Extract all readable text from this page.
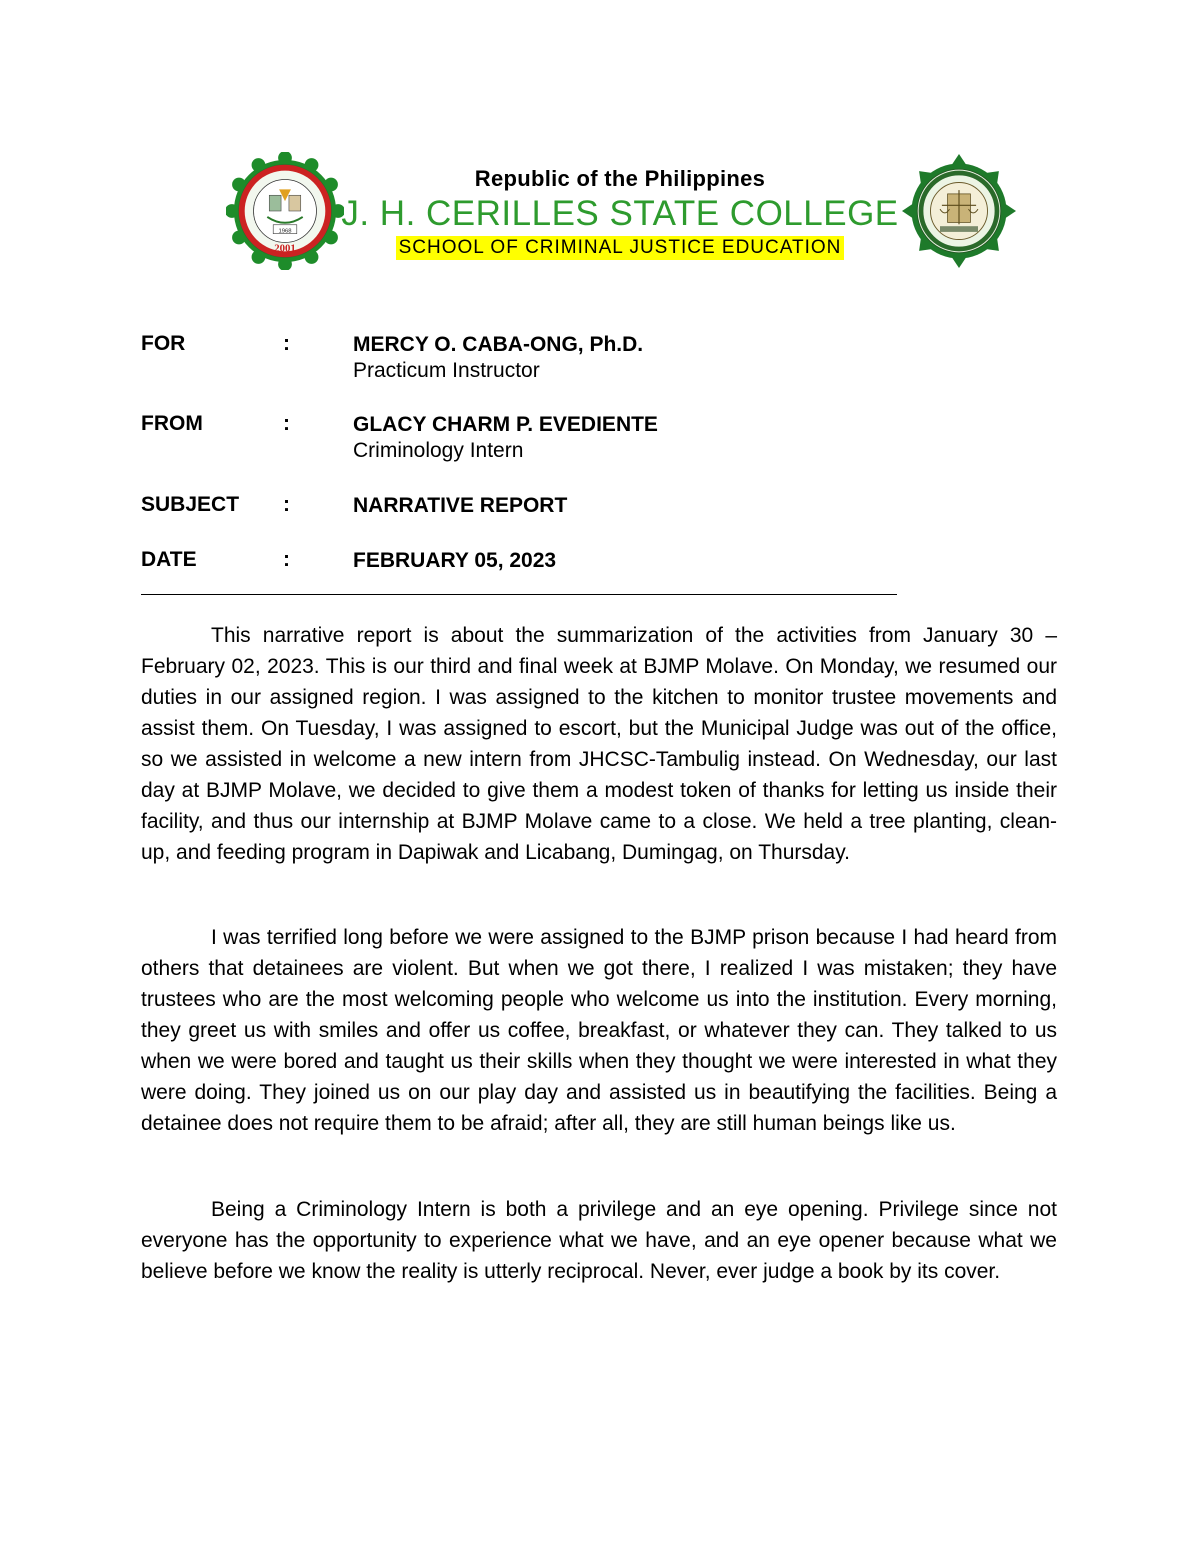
1968
2001
Republic of the Philippines
J. H. CERILLES STATE COLLEGE
SCHOOL OF CRIMINAL JUSTICE EDUCATION
FOR	:	MERCY O. CABA-ONG, Ph.D.
Practicum Instructor
FROM	:	GLACY CHARM P. EVEDIENTE
Criminology Intern
SUBJECT :	NARRATIVE REPORT
DATE	:	FEBRUARY 05, 2023

This narrative report is about the summarization of the activities from January 30 – February 02, 2023. This is our third and final week at BJMP Molave. On Monday, we resumed our duties in our assigned region. I was assigned to the kitchen to monitor trustee movements and assist them. On Tuesday, I was assigned to escort, but the Municipal Judge was out of the office, so we assisted in welcome a new intern from JHCSC-Tambulig instead. On Wednesday, our last day at BJMP Molave, we decided to give them a modest token of thanks for letting us inside their facility, and thus our internship at BJMP Molave came to a close. We held a tree planting, clean-up, and feeding program in Dapiwak and Licabang, Dumingag, on Thursday.

I was terrified long before we were assigned to the BJMP prison because I had heard from others that detainees are violent. But when we got there, I realized I was mistaken; they have trustees who are the most welcoming people who welcome us into the institution. Every morning, they greet us with smiles and offer us coffee, breakfast, or whatever they can. They talked to us when we were bored and taught us their skills when they thought we were interested in what they were doing. They joined us on our play day and assisted us in beautifying the facilities. Being a detainee does not require them to be afraid; after all, they are still human beings like us.

Being a Criminology Intern is both a privilege and an eye opening. Privilege since not everyone has the opportunity to experience what we have, and an eye opener because what we believe before we know the reality is utterly reciprocal. Never, ever judge a book by its cover.
